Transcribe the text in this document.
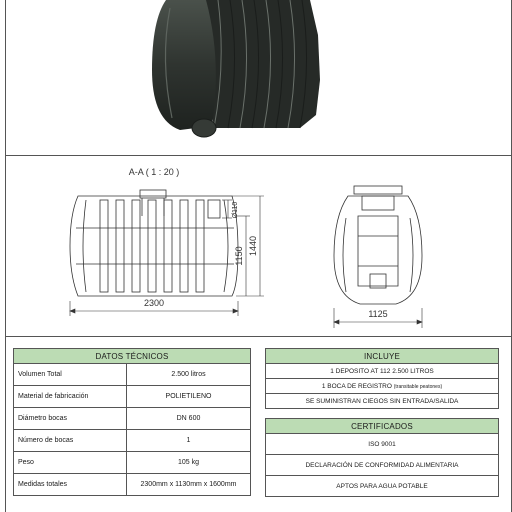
A-A ( 1 : 20 )
2300
1150 1440
Ø110
1125
DATOS TÉCNICOS	
Volumen Total	2.500 litros
Material de fabricación	POLIETILENO
Diámetro bocas	DN 600
Número de bocas	1
Peso	105 kg
Medidas totales	2300mm x 1130mm x 1600mm
INCLUYE
1 DEPOSITO AT 112 2.500 LITROS
1 BOCA DE REGISTRO (transitable peatones)
SE SUMINISTRAN CIEGOS SIN ENTRADA/SALIDA
CERTIFICADOS
ISO 9001
DECLARACIÓN DE CONFORMIDAD ALIMENTARIA
APTOS PARA AGUA POTABLE
